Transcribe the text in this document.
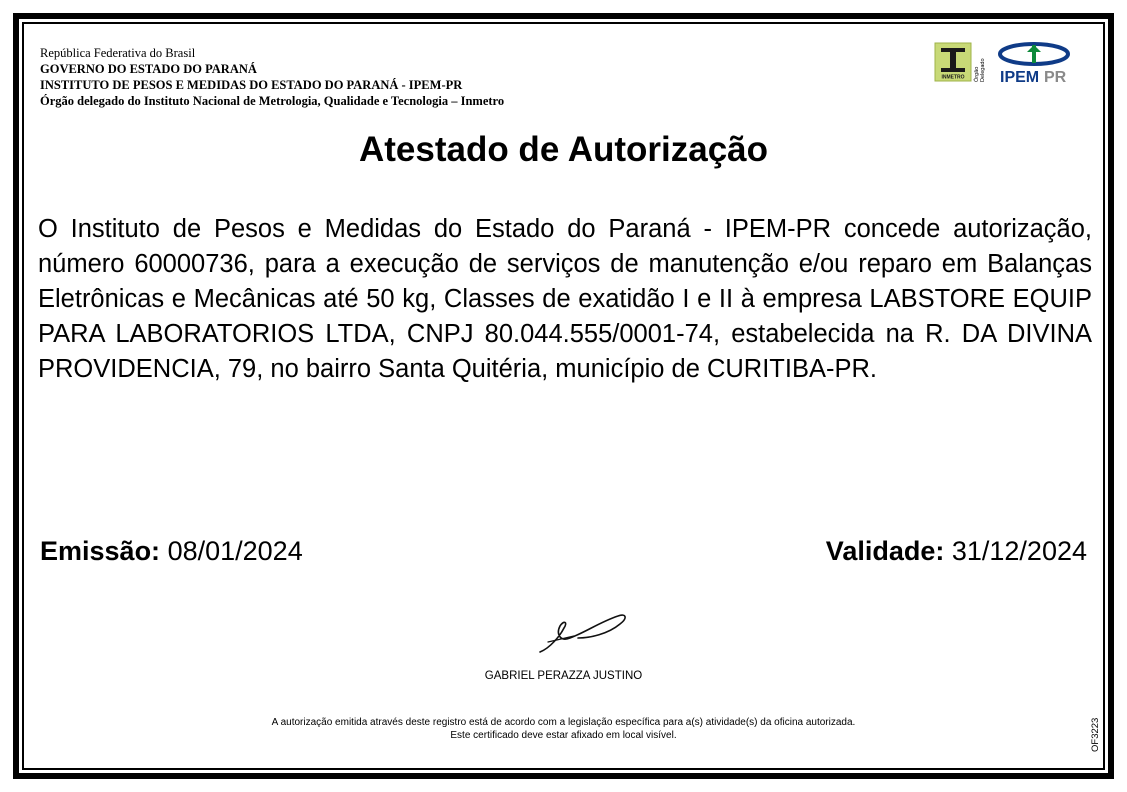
República Federativa do Brasil
GOVERNO DO ESTADO DO PARANÁ
INSTITUTO DE PESOS E MEDIDAS DO ESTADO DO PARANÁ - IPEM-PR
Órgão delegado do Instituto Nacional de Metrologia, Qualidade e Tecnologia – Inmetro
INMETRO Órgão Delegado IPEM PR
Atestado de Autorização
O Instituto de Pesos e Medidas do Estado do Paraná - IPEM-PR concede autorização, número 60000736, para a execução de serviços de manutenção e/ou reparo em Balanças Eletrônicas e Mecânicas até 50 kg, Classes de exatidão I e II à empresa LABSTORE EQUIP PARA LABORATORIOS LTDA, CNPJ 80.044.555/0001-74, estabelecida na R. DA DIVINA PROVIDENCIA, 79, no bairro Santa Quitéria, município de CURITIBA-PR.
Emissão: 08/01/2024	Validade: 31/12/2024
GABRIEL PERAZZA JUSTINO
A autorização emitida através deste registro está de acordo com a legislação específica para a(s) atividade(s) da oficina autorizada.
Este certificado deve estar afixado em local visível.	OF3223
